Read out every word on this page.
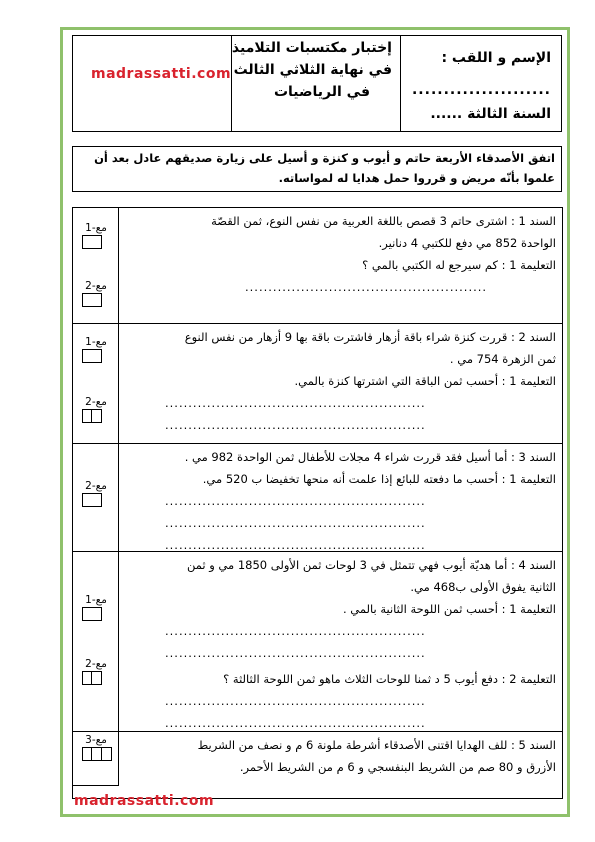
الإسم و اللقب :
......................
السنة الثالثة ......
إختبار مكتسبات التلاميذ
في نهاية الثلاثي الثالث
في الرياضيات
madrassatti.com
اتفق الأصدقاء الأربعة حاتم و أيوب و كنزة و أسيل على زيارة صديقهم عادل بعد أن
علموا بأنّه مريض و قرروا حمل هدايا له لمواساته.
مع-1
مع-2
السند 1 : اشترى حاتم 3 قصص باللغة العربية من نفس النوع، ثمن القصّة
الواحدة 852 مي دفع للكتبي 4 دنانير.
التعليمة 1 : كم سيرجع له الكتبي بالمي ؟
....................................................
مع-1
مع-2
السند 2 : قررت كنزة شراء باقة أزهار فاشترت باقة بها 9 أزهار من نفس النوع
ثمن الزهرة 754 مي .
التعليمة 1 : أحسب ثمن الباقة التي اشترتها كنزة بالمي.
........................................................
........................................................
مع-2
السند 3 : أما أسيل فقد قررت شراء 4 مجلات للأطفال ثمن الواحدة 982 مي .
التعليمة 1 : أحسب ما دفعته للبائع إذا علمت أنه منحها تخفيضا ب 520 مي.
........................................................
........................................................
........................................................
مع-1
مع-2
السند 4 : أما هديّة أيوب فهي تتمثل في 3 لوحات ثمن الأولى 1850 مي و ثمن
الثانية يفوق الأولى ب468 مي.
التعليمة 1 : أحسب ثمن اللوحة الثانية بالمي .
........................................................
........................................................
التعليمة 2 : دفع أيوب 5 د ثمنا للوحات الثلاث ماهو ثمن اللوحة الثالثة ؟
........................................................
........................................................
مع-3	السند 5 : للف الهدايا اقتنى الأصدقاء أشرطة ملونة 6 م و نصف من الشريط
الأزرق و 80 صم من الشريط البنفسجي و 6 م من الشريط الأحمر.
madrassatti.com
